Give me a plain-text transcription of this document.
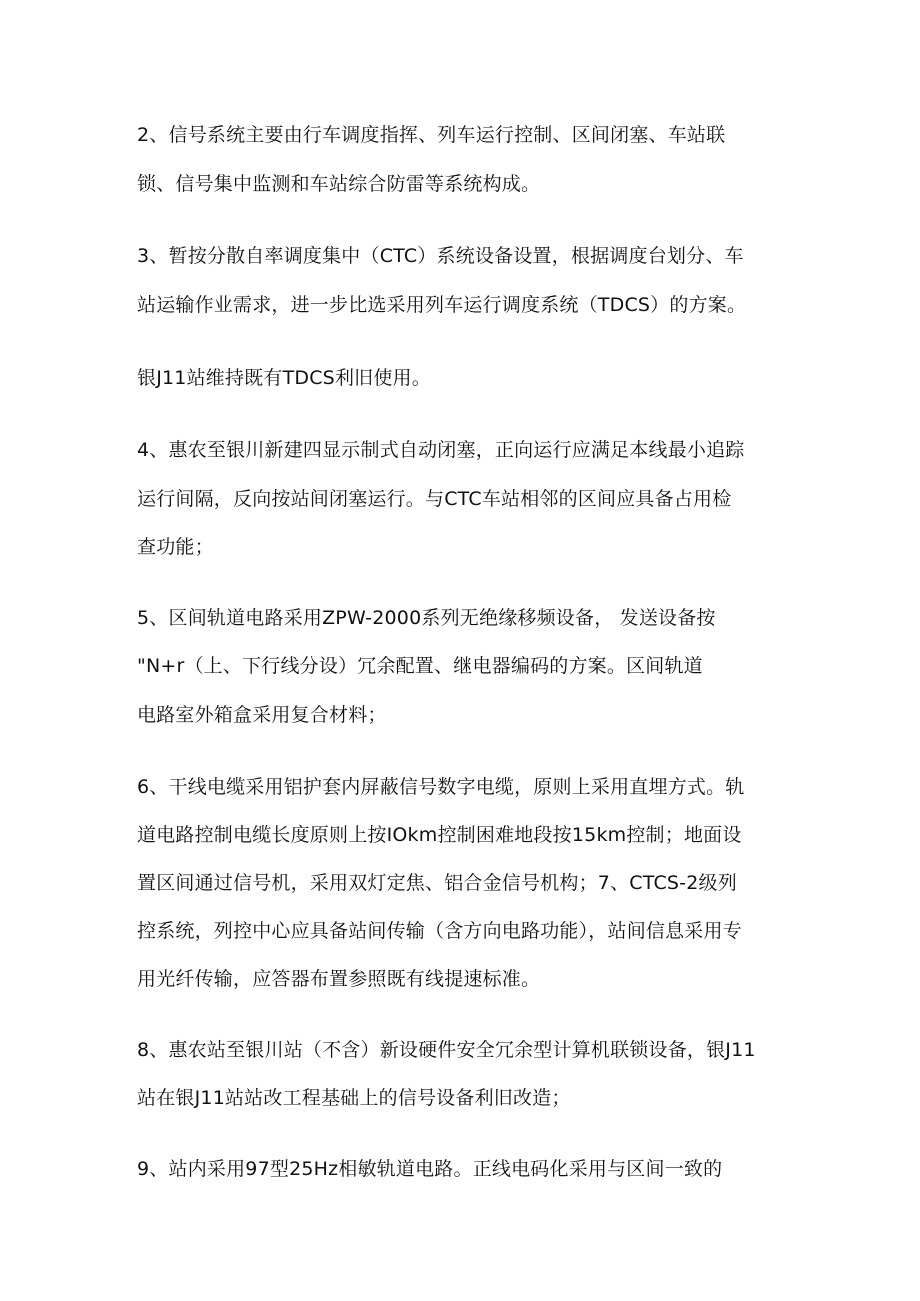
2、信号系统主要由行车调度指挥、列车运行控制、区间闭塞、车站联
锁、信号集中监测和车站综合防雷等系统构成。
3、暂按分散自率调度集中（CTC）系统设备设置，根据调度台划分、车
站运输作业需求，进一步比选采用列车运行调度系统（TDCS）的方案。
银J11站维持既有TDCS利旧使用。
4、惠农至银川新建四显示制式自动闭塞，正向运行应满足本线最小追踪
运行间隔，反向按站间闭塞运行。与CTC车站相邻的区间应具备占用检
查功能；
5、区间轨道电路采用ZPW-2000系列无绝缘移频设备， 发送设备按
"N+r（上、下行线分设）冗余配置、继电器编码的方案。区间轨道
电路室外箱盒采用复合材料；
6、干线电缆采用铝护套内屏蔽信号数字电缆，原则上采用直埋方式。轨
道电路控制电缆长度原则上按IOkm控制困难地段按15km控制；地面设
置区间通过信号机，采用双灯定焦、铝合金信号机构；7、CTCS-2级列
控系统，列控中心应具备站间传输（含方向电路功能），站间信息采用专
用光纤传输，应答器布置参照既有线提速标准。
8、惠农站至银川站（不含）新设硬件安全冗余型计算机联锁设备，银J11
站在银J11站站改工程基础上的信号设备利旧改造；
9、站内采用97型25Hz相敏轨道电路。正线电码化采用与区间一致的
